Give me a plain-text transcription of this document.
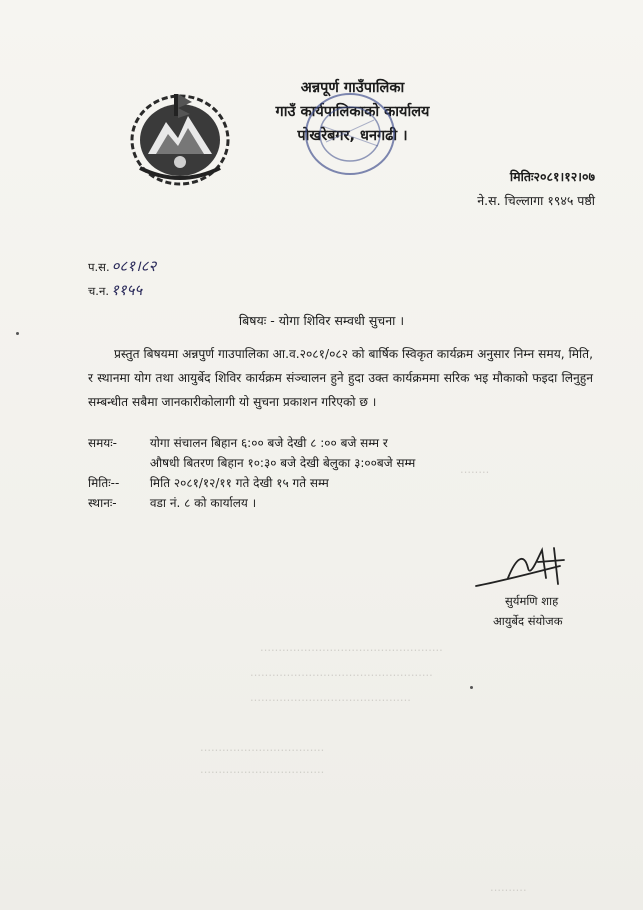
अन्नपूर्ण गाउँपालिका
गाउँ कार्यपालिकाको कार्यालय
पोखरेबगर, धनगढी ।
मितिः२०८१।१२।०७
ने.स. चिल्लागा १९४५ पष्ठी
प.स. ०८१।८२
च.न. ११५५
बिषयः - योगा शिविर सम्वधी सुचना ।

प्रस्तुत बिषयमा अन्नपुर्ण गाउपालिका आ.व.२०८१/०८२ को बार्षिक स्विकृत कार्यक्रम अनुसार निम्न समय, मिति, र स्थानमा योग तथा आयुर्बेद शिविर कार्यक्रम संञ्चालन हुने हुदा उक्त कार्यक्रममा सरिक भइ मौकाको फइदा लिनुहुन सम्बन्धीत सबैमा जानकारीकोलागी यो सुचना प्रकाशन गरिएको छ ।

समयः-	योगा संचालन बिहान ६:०० बजे देखी ८ :०० बजे सम्म र
औषधी बितरण बिहान १०:३० बजे देखी बेलुका ३:००बजे सम्म
मितिः--	मिति २०८१/१२/११ गते देखी १५ गते सम्म
स्थानः-	वडा नं. ८ को कार्यालय ।
सुर्यमणि शाह
आयुर्बेद संयोजक
........
..................................................
..................................................
............................................
..................................
..................................
..........
